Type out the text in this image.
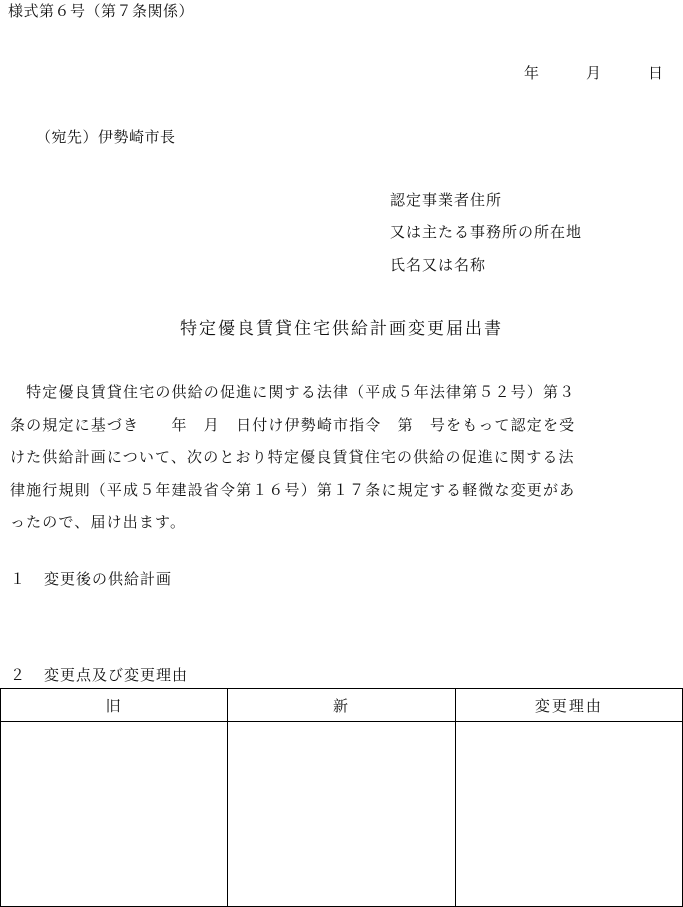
様式第６号（第７条関係）
年	月	日
（宛先）伊勢崎市長
認定事業者住所
又は主たる事務所の所在地
氏名又は名称
特定優良賃貸住宅供給計画変更届出書
　特定優良賃貸住宅の供給の促進に関する法律（平成５年法律第５２号）第３
条の規定に基づき　　年　月　日付け伊勢崎市指令　第　号をもって認定を受
けた供給計画について、次のとおり特定優良賃貸住宅の供給の促進に関する法
律施行規則（平成５年建設省令第１６号）第１７条に規定する軽微な変更があ
ったので、届け出ます。
１ 変更後の供給計画
２ 変更点及び変更理由
旧	新	変更理由
